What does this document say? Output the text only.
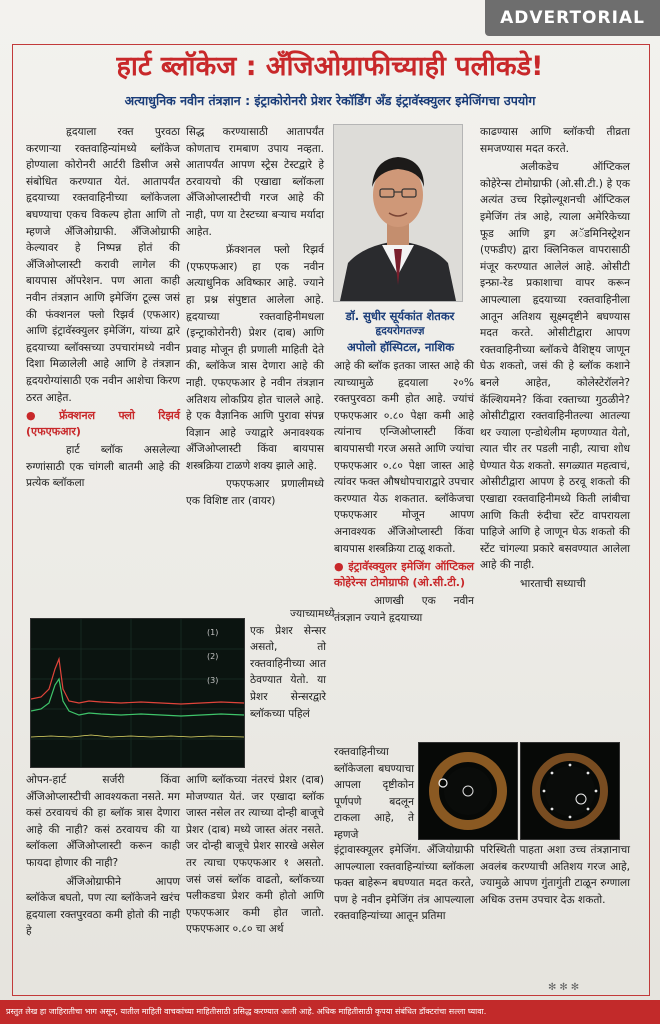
ADVERTORIAL
हार्ट ब्लॉकेज : अँजिओग्राफीच्याही पलीकडे!
अत्याधुनिक नवीन तंत्रज्ञान : इंट्राकोरोनरी प्रेशर रेकॉर्डिंग अँड इंट्रावॅस्क्युलर इमेजिंगचा उपयोग

हृदयाला रक्त पुरवठा करणाऱ्या रक्तवाहिन्यांमध्ये ब्लॉकेज होण्याला कोरोनरी आर्टरी डिसीज असे संबोधित करण्यात येतं. आतापर्यंत हृदयाच्या रक्तवाहिनीच्या ब्लॉकेजला बघण्याचा एकच विकल्प होता आणि तो म्हणजे अँजिओग्राफी. अँजिओग्राफी केल्यावर हे निष्पन्न होतं की अँजिओप्लास्टी करावी लागेल की बायपास ऑपरेशन. पण आता काही नवीन तंत्रज्ञान आणि इमेजिंग टूल्स जसं की फंक्शनल फ्लो रिझर्व (एफआर) आणि इंट्रावॅस्क्युलर इमेजिंग, यांच्या द्वारे हृदयाच्या ब्लॉक्सच्या उपचारांमध्ये नवीन दिशा मिळालेली आहे आणि हे तंत्रज्ञान हृदयरोग्यांसाठी एक नवीन आशेचा किरण ठरत आहेत.

● फ्रॅक्शनल फ्लो रिझर्व (एफएफआर)

हार्ट ब्लॉक असलेल्या रुग्णांसाठी एक चांगली बातमी आहे की प्रत्येक ब्लॉकला

(1)
(2)
(3)

ओपन-हार्ट सर्जरी किंवा अँजिओप्लास्टीची आवश्यकता नसते. मग कसं ठरवायचं की हा ब्लॉक त्रास देणारा आहे की नाही? कसं ठरवायच की या ब्लॉकला अँजिओप्लास्टी करून काही फायदा होणार की नाही?

अँजिओग्राफीने आपण ब्लॉकेज बघतो, पण त्या ब्लॉकेजने खरंच हृदयाला रक्तपुरवठा कमी होतो की नाही हे

सिद्ध करण्यासाठी आतापर्यंत कोणताच रामबाण उपाय नव्हता. आतापर्यंत आपण स्ट्रेस टेस्टद्वारे हे ठरवायचो की एखाद्या ब्लॉकला अँजिओप्लास्टीची गरज आहे की नाही, पण या टेस्टच्या बऱ्याच मर्यादा आहेत.

फ्रॅक्शनल फ्लो रिझर्व (एफएफआर) हा एक नवीन अत्याधुनिक अविष्कार आहे. ज्याने हा प्रश्न संपुष्टात आलेला आहे. हृदयाच्या रक्तवाहिनीमधला (इन्ट्राकोरोनरी) प्रेशर (दाब) आणि प्रवाह मोजून ही प्रणाली माहिती देते की, ब्लॉकेज त्रास देणारा आहे की नाही. एफएफआर हे नवीन तंत्रज्ञान अतिशय लोकप्रिय होत चालले आहे. हे एक वैज्ञानिक आणि पुरावा संपन्न विज्ञान आहे ज्याद्वारे अनावश्यक अँजिओप्लास्टी किंवा बायपास शस्त्रक्रिया टाळणे शक्य झाले आहे.

एफएफआर प्रणालीमध्ये एक विशिष्ट तार (वायर)

ज्याच्यामध्ये एक प्रेशर सेन्सर असतो, तो रक्तवाहिनीच्या आत ठेवण्यात येतो. या प्रेशर सेन्सरद्वारे ब्लॉकच्या पहिलं

आणि ब्लॉकच्या नंतरचं प्रेशर (दाब) मोजण्यात येतं. जर एखादा ब्लॉक जास्त नसेल तर त्याच्या दोन्ही बाजूचे प्रेशर (दाब) मध्ये जास्त अंतर नसते. जर दोन्ही बाजूचे प्रेशर सारखे असेल तर त्याचा एफएफआर १ असतो. जसं जसं ब्लॉक वाढतो, ब्लॉकच्या पलीकडचा प्रेशर कमी होतो आणि एफएफआर कमी होत जातो. एफएफआर ०.८० चा अर्थ

डॉ. सुधीर सूर्यकांत शेतकर
हृदयरोगतज्ज्ञ
अपोलो हॉस्पिटल, नाशिक

आहे की ब्लॉक इतका जास्त आहे की त्याच्यामुळे हृदयाला २०% रक्तपुरवठा कमी होत आहे. ज्यांचं एफएफआर ०.८० पेक्षा कमी आहे त्यांनाच एन्जिओप्लास्टी किंवा बायपासची गरज असते आणि ज्यांचा एफएफआर ०.८० पेक्षा जास्त आहे त्यांवर फक्त औषधोपचाराद्वारे उपचार करण्यात येऊ शकतात. ब्लॉकेजचा एफएफआर मोजून आपण अनावश्यक अँजिओप्लास्टी किंवा बायपास शस्त्रक्रिया टाळू शकतो.

● इंट्रावॅस्क्युलर इमेजिंग ऑप्टिकल कोहेरेन्स टोमोग्राफी (ओ.सी.टी.)

आणखी एक नवीन तंत्रज्ञान ज्याने हृदयाच्या

रक्तवाहिनीच्या ब्लॉकेजला बघण्याचा आपला दृष्टीकोन पूर्णपणे बदलून टाकला आहे, ते म्हणजे

इंट्रावास्क्यूलर इमेजिंग. अँजियोग्राफी आपल्याला रक्तवाहिन्यांच्या ब्लॉकला फक्त बाहेरून बघण्यात मदत करते, पण हे नवीन इमेजिंग तंत्र आपल्याला रक्तवाहिन्यांच्या आतून प्रतिमा

काढण्यास आणि ब्लॉकची तीव्रता समजण्यास मदत करते.

अलीकडेच ऑप्टिकल कोहेरेन्स टोमोग्राफी (ओ.सी.टी.) हे एक अत्यंत उच्च रिझोल्यूशनची ऑप्टिकल इमेजिंग तंत्र आहे, त्याला अमेरिकेच्या फूड आणि ड्रग अॅडमिनिस्ट्रेशन (एफडीए) द्वारा क्लिनिकल वापरासाठी मंजूर करण्यात आलेलं आहे. ओसीटी इन्फ्रा-रेड प्रकाशाचा वापर करून आपल्याला हृदयाच्या रक्तवाहिनीला आतून अतिशय सूक्ष्मदृष्टीने बघण्यास मदत करते. ओसीटीद्वारा आपण रक्तवाहिनीच्या ब्लॉकचे वैशिष्ट्य जाणून घेऊ शकतो, जसं की हे ब्लॉक कशाने बनले आहेत, कोलेस्टेरॉलने? कॅल्शियमने? किंवा रक्ताच्या गुठळीने? ओसीटीद्वारा रक्तवाहिनीतल्या आतल्या थर ज्याला एन्डोथेलीम म्हणण्यात येतो, त्यात चीर तर पडली नाही, त्याचा शोध घेण्यात येऊ शकतो. सगळ्यात महत्वाचं, ओसीटीद्वारा आपण हे ठरवू शकतो की एखाद्या रक्तवाहिनीमध्ये किती लांबीचा आणि किती रुंदीचा स्टेंट वापरायला पाहिजे आणि हे जाणून घेऊ शकतो की स्टेंट चांगल्या प्रकारे बसवण्यात आलेला आहे की नाही.

भारताची सध्याची

परिस्थिती पाहता अशा उच्च तंत्रज्ञानाचा अवलंब करण्याची अतिशय गरज आहे, ज्यामुळे आपण गुंतागुंती टाळून रुग्णाला अधिक उत्तम उपचार देऊ शकतो.

✻✻✻
प्रस्तुत लेख हा जाहिरातीचा भाग असून, यातील माहिती वाचकांच्या माहितीसाठी प्रसिद्ध करण्यात आली आहे. अधिक माहितीसाठी कृपया संबंधित डॉक्टरांचा सल्ला घ्यावा.
